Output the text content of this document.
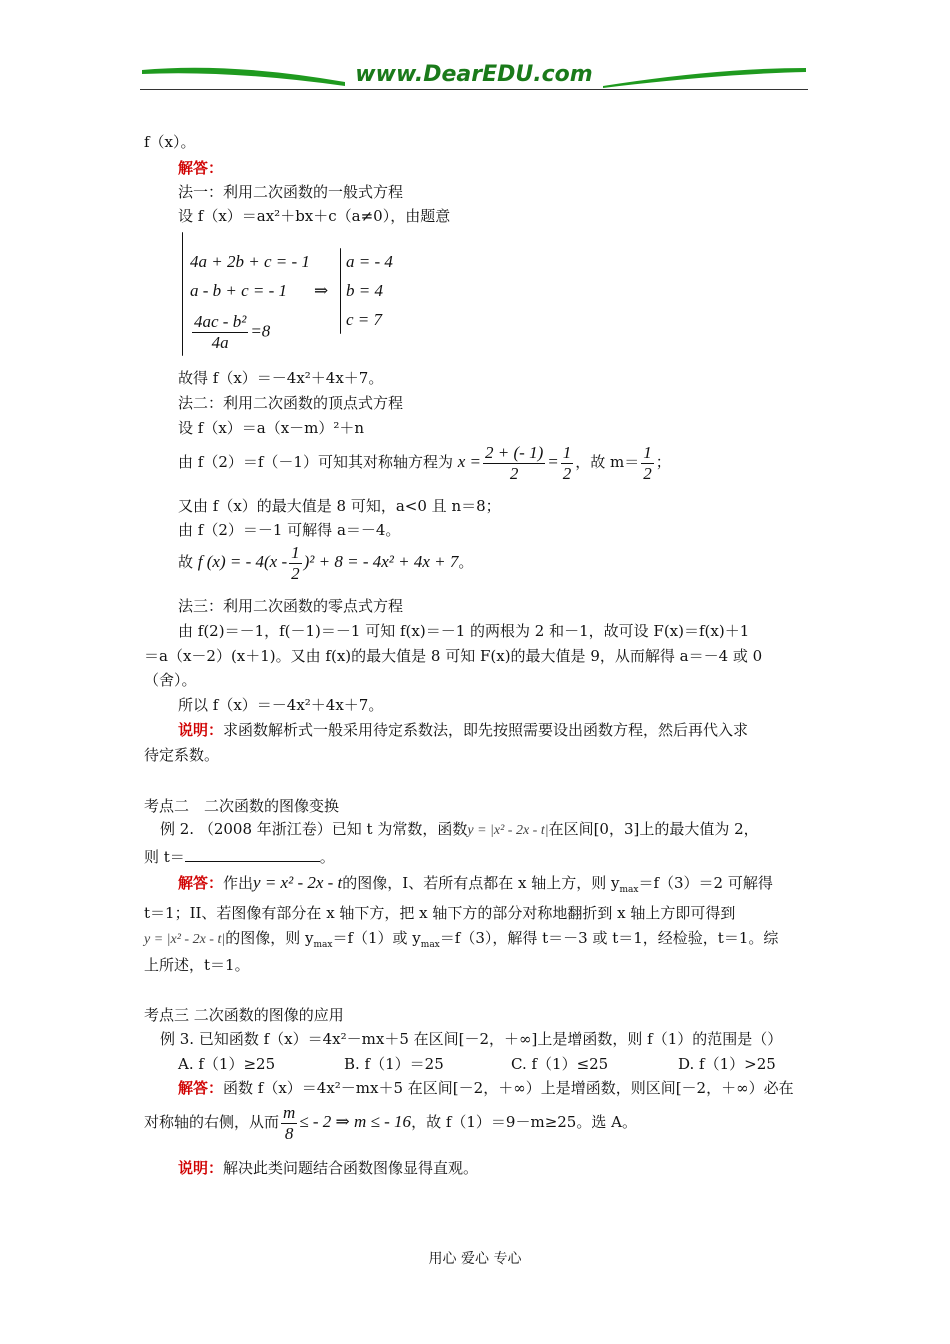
www.DearEDU.com
f（x）。
解答：
法一：利用二次函数的一般式方程
设 f（x）＝ax²＋bx＋c（a≠0），由题意
4a + 2b + c = - 1
a - b + c = - 1
$\frac{\text{4ac - b²}}{4a} =8$
⇒
a = - 4
b = 4
c = 7
故得 f（x）＝－4x²＋4x＋7。
法二：利用二次函数的顶点式方程
设 f（x）＝a（x－m）²＋n
由 f（2）＝f（－1）可知其对称轴方程为 $x = \frac{2 + (- 1)}{2} = \frac{1}{2}$ ，故 $m= \frac{1}{2}$ ；
又由 f（x）的最大值是 8 可知，a<0 且 n＝8；
由 f（2）＝－1 可解得 a＝－4。
故 f (x) = - $4(x - \frac{1}{2} )^2 + 8$ = - 4x² + 4x + 7。
法三：利用二次函数的零点式方程
由 f(2)＝－1，f(－1)＝－1 可知 f(x)＝－1 的两根为 2 和－1，故可设 F(x)＝f(x)＋1
＝a（x－2）(x＋1)。又由 f(x)的最大值是 8 可知 F(x)的最大值是 9，从而解得 a＝－4 或 0
（舍）。
所以 f（x）＝－4x²＋4x＋7。
说明：求函数解析式一般采用待定系数法，即先按照需要设出函数方程，然后再代入求
待定系数。
考点二　二次函数的图像变换
例 2. （2008 年浙江卷）已知 t 为常数，函数y = |x² - 2x - t|在区间[0，3]上的最大值为 2，
则 t＝	。
解答：作出y = x² - 2x - t的图像，I、若所有点都在 x 轴上方，则 $y_{max}=f(3)=2$ 可解得
t＝1；II、若图像有部分在 x 轴下方，把 x 轴下方的部分对称地翻折到 x 轴上方即可得到
y = |x² - 2x - t|的图像，则 $y_{max}=f(1)$或 $y_{max}=f(3)$，解得 t＝－3 或 t＝1，经检验，t＝1。综
上所述，t＝1。
考点三 二次函数的图像的应用
例 3. 已知函数 f（x）＝4x²－mx＋5 在区间[－2，＋∞]上是增函数，则 f（1）的范围是（）
A. f（1）≥25	B. f（1）＝25	C. f（1）≤25	D. f（1）>25
解答：函数 f（x）＝4x²－mx＋5 在区间[－2，＋∞）上是增函数，则区间[－2，＋∞）必在
对称轴的右侧，从而 $\frac{m}{8}$ ≤ - 2 ⇒ m ≤ - 16，故 f（1）＝9－m≥25。选 A。
说明：解决此类问题结合函数图像显得直观。
用心 爱心 专心
